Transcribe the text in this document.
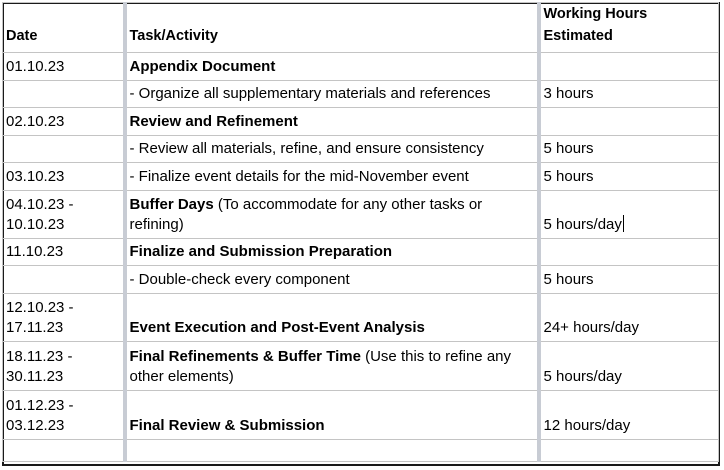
Date	Task/Activity	Working Hours
Estimated
01.10.23	Appendix Document	
	- Organize all supplementary materials and references	3 hours
02.10.23	Review and Refinement	
	- Review all materials, refine, and ensure consistency	5 hours
03.10.23	- Finalize event details for the mid-November event	5 hours
04.10.23 - 10.10.23	Buffer Days (To accommodate for any other tasks or refining)	5 hours/day
11.10.23	Finalize and Submission Preparation	
	- Double-check every component	5 hours
12.10.23 - 17.11.23	Event Execution and Post-Event Analysis	24+ hours/day
18.11.23 - 30.11.23	Final Refinements & Buffer Time (Use this to refine any other elements)	5 hours/day
01.12.23 - 03.12.23	Final Review & Submission	12 hours/day
